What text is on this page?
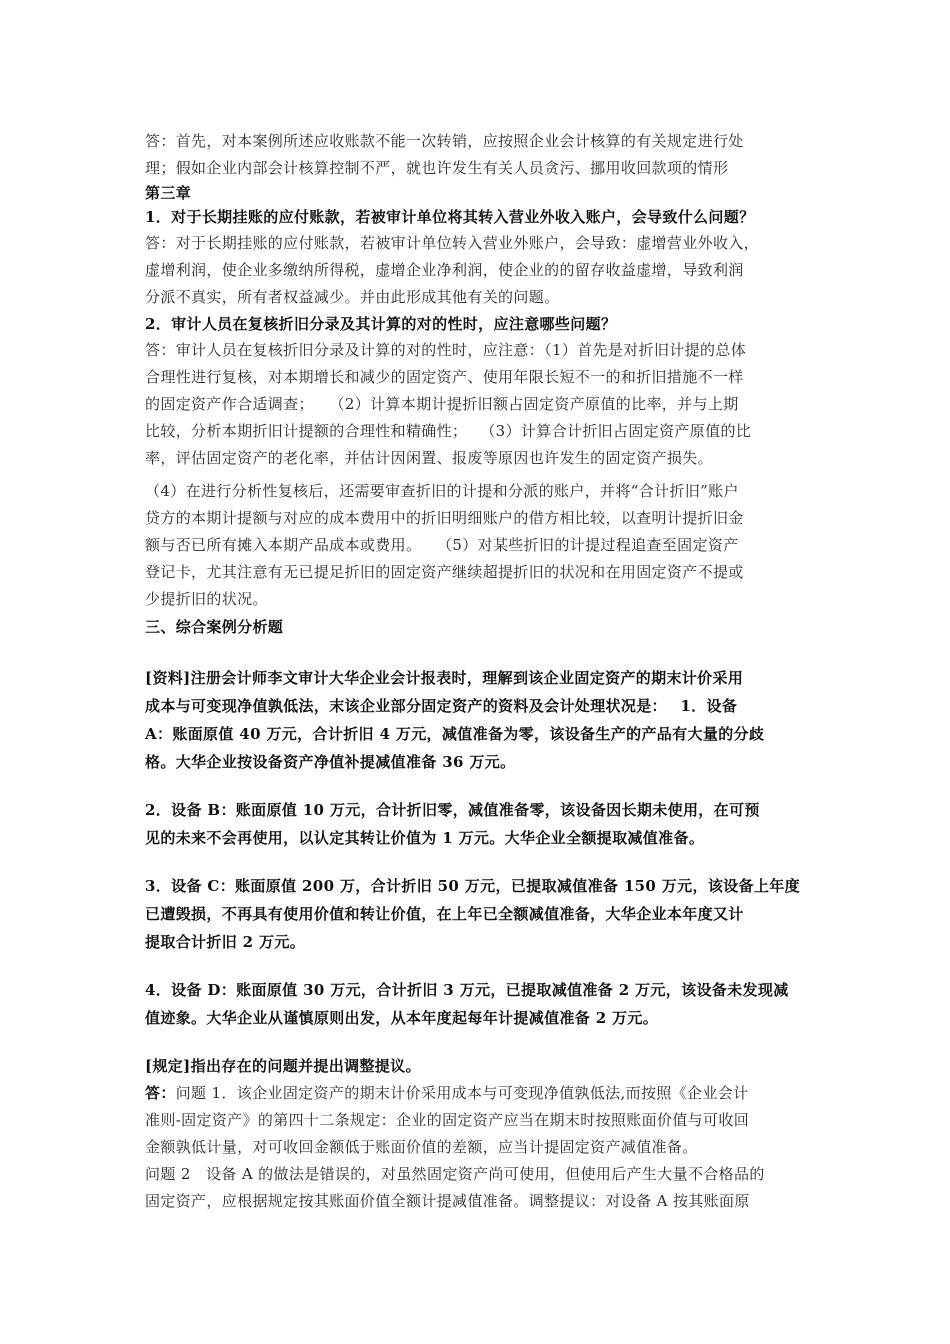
答：首先，对本案例所述应收账款不能一次转销，应按照企业会计核算的有关规定进行处
理；假如企业内部会计核算控制不严，就也许发生有关人员贪污、挪用收回款项的情形
第三章
1．对于长期挂账的应付账款，若被审计单位将其转入营业外收入账户，会导致什么问题？
答：对于长期挂账的应付账款，若被审计单位转入营业外账户，会导致：虚增营业外收入，
虚增利润，使企业多缴纳所得税，虚增企业净利润，使企业的的留存收益虚增，导致利润
分派不真实，所有者权益减少。并由此形成其他有关的问题。
2．审计人员在复核折旧分录及其计算的对的性时，应注意哪些问题？
答：审计人员在复核折旧分录及计算的对的性时，应注意：（1）首先是对折旧计提的总体
合理性进行复核，对本期增长和减少的固定资产、使用年限长短不一的和折旧措施不一样
的固定资产作合适调查；　　（2）计算本期计提折旧额占固定资产原值的比率，并与上期
比较，分析本期折旧计提额的合理性和精确性；　 （3）计算合计折旧占固定资产原值的比
率，评估固定资产的老化率，并估计因闲置、报废等原因也许发生的固定资产损失。
（4）在进行分析性复核后，还需要审查折旧的计提和分派的账户，并将“合计折旧”账户
贷方的本期计提额与对应的成本费用中的折旧明细账户的借方相比较，以查明计提折旧金
额与否已所有摊入本期产品成本或费用。　　（5）对某些折旧的计提过程追查至固定资产
登记卡，尤其注意有无已提足折旧的固定资产继续超提折旧的状况和在用固定资产不提或
少提折旧的状况。
三、综合案例分析题
[资料]注册会计师李文审计大华企业会计报表时，理解到该企业固定资产的期末计价采用
成本与可变现净值孰低法，末该企业部分固定资产的资料及会计处理状况是：　 1．设备
A：账面原值 40 万元，合计折旧 4 万元，减值准备为零，该设备生产的产品有大量的分歧
格。大华企业按设备资产净值补提减值准备 36 万元。
2．设备 B：账面原值 10 万元，合计折旧零，减值准备零，该设备因长期未使用，在可预
见的未来不会再使用，以认定其转让价值为 1 万元。大华企业全额提取减值准备。
3．设备 C：账面原值 200 万，合计折旧 50 万元，已提取减值准备 150 万元，该设备上年度
已遭毁损，不再具有使用价值和转让价值，在上年已全额减值准备，大华企业本年度又计
提取合计折旧 2 万元。
4．设备 D：账面原值 30 万元，合计折旧 3 万元，已提取减值准备 2 万元，该设备未发现减
值迹象。大华企业从谨慎原则出发，从本年度起每年计提减值准备 2 万元。
[规定]指出存在的问题并提出调整提议。
答：问题 1．该企业固定资产的期末计价采用成本与可变现净值孰低法,而按照《企业会计
准则-固定资产》的第四十二条规定：企业的固定资产应当在期末时按照账面价值与可收回
金额孰低计量，对可收回金额低于账面价值的差额，应当计提固定资产减值准备。
问题 2　设备 A 的做法是错误的，对虽然固定资产尚可使用，但使用后产生大量不合格品的
固定资产，应根据规定按其账面价值全额计提减值准备。调整提议：对设备 A 按其账面原
